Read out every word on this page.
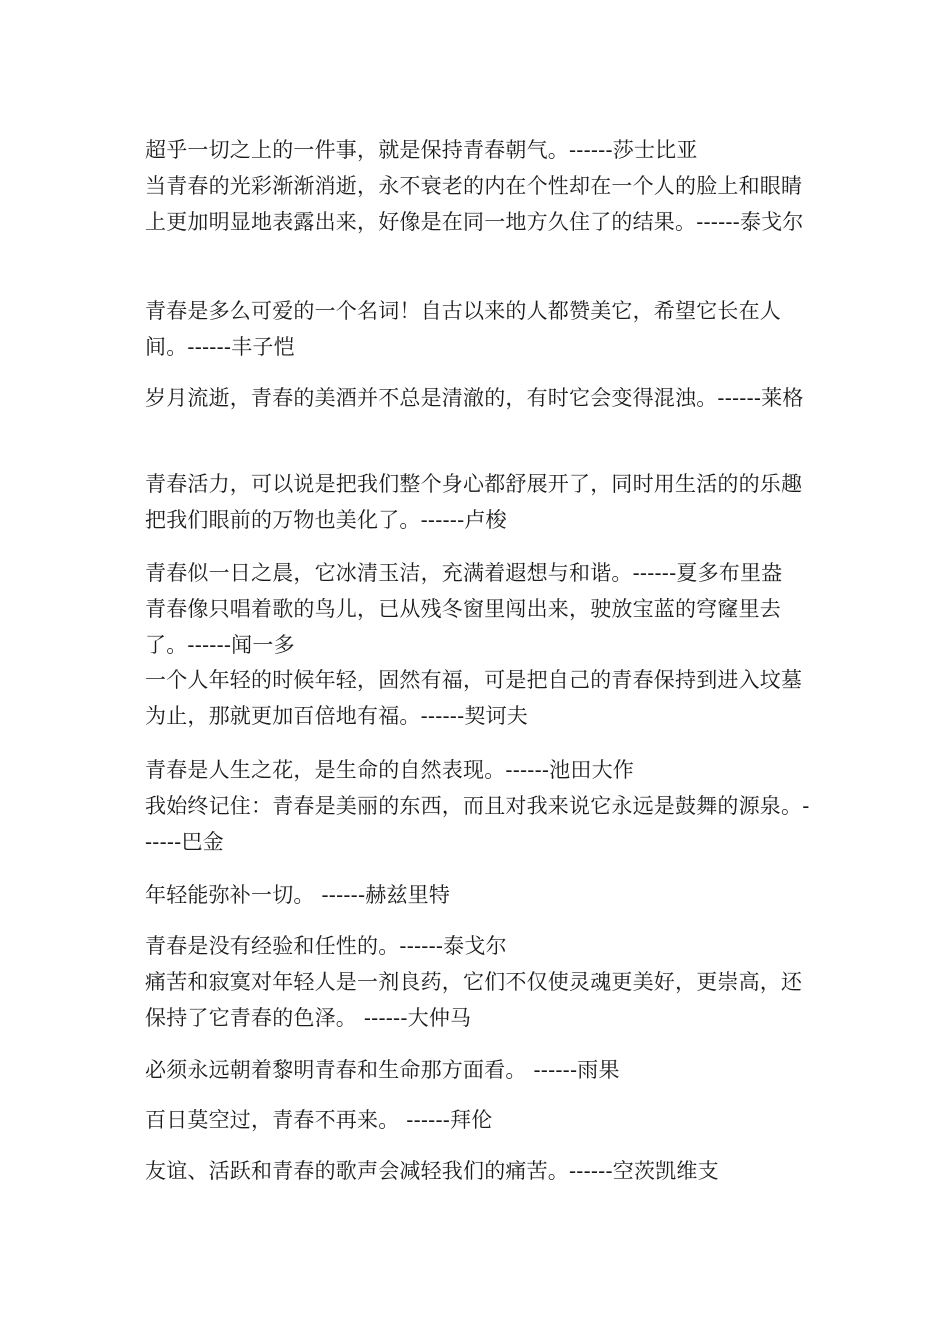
超乎一切之上的一件事，就是保持青春朝气。------莎士比亚

当青春的光彩渐渐消逝，永不衰老的内在个性却在一个人的脸上和眼睛上更加明显地表露出来，好像是在同一地方久住了的结果。------泰戈尔

青春是多么可爱的一个名词！自古以来的人都赞美它，希望它长在人间。------丰子恺

岁月流逝，青春的美酒并不总是清澈的，有时它会变得混浊。------莱格

青春活力，可以说是把我们整个身心都舒展开了，同时用生活的的乐趣把我们眼前的万物也美化了。------卢梭

青春似一日之晨，它冰清玉洁，充满着遐想与和谐。------夏多布里盎

青春像只唱着歌的鸟儿，已从残冬窗里闯出来，驶放宝蓝的穹窿里去了。------闻一多

一个人年轻的时候年轻，固然有福，可是把自己的青春保持到进入坟墓为止，那就更加百倍地有福。------契诃夫

青春是人生之花，是生命的自然表现。------池田大作

我始终记住：青春是美丽的东西，而且对我来说它永远是鼓舞的源泉。------巴金

年轻能弥补一切。 ------赫兹里特

青春是没有经验和任性的。------泰戈尔

痛苦和寂寞对年轻人是一剂良药，它们不仅使灵魂更美好，更崇高，还保持了它青春的色泽。 ------大仲马

必须永远朝着黎明青春和生命那方面看。 ------雨果

百日莫空过，青春不再来。 ------拜伦

友谊、活跃和青春的歌声会减轻我们的痛苦。------空茨凯维支
